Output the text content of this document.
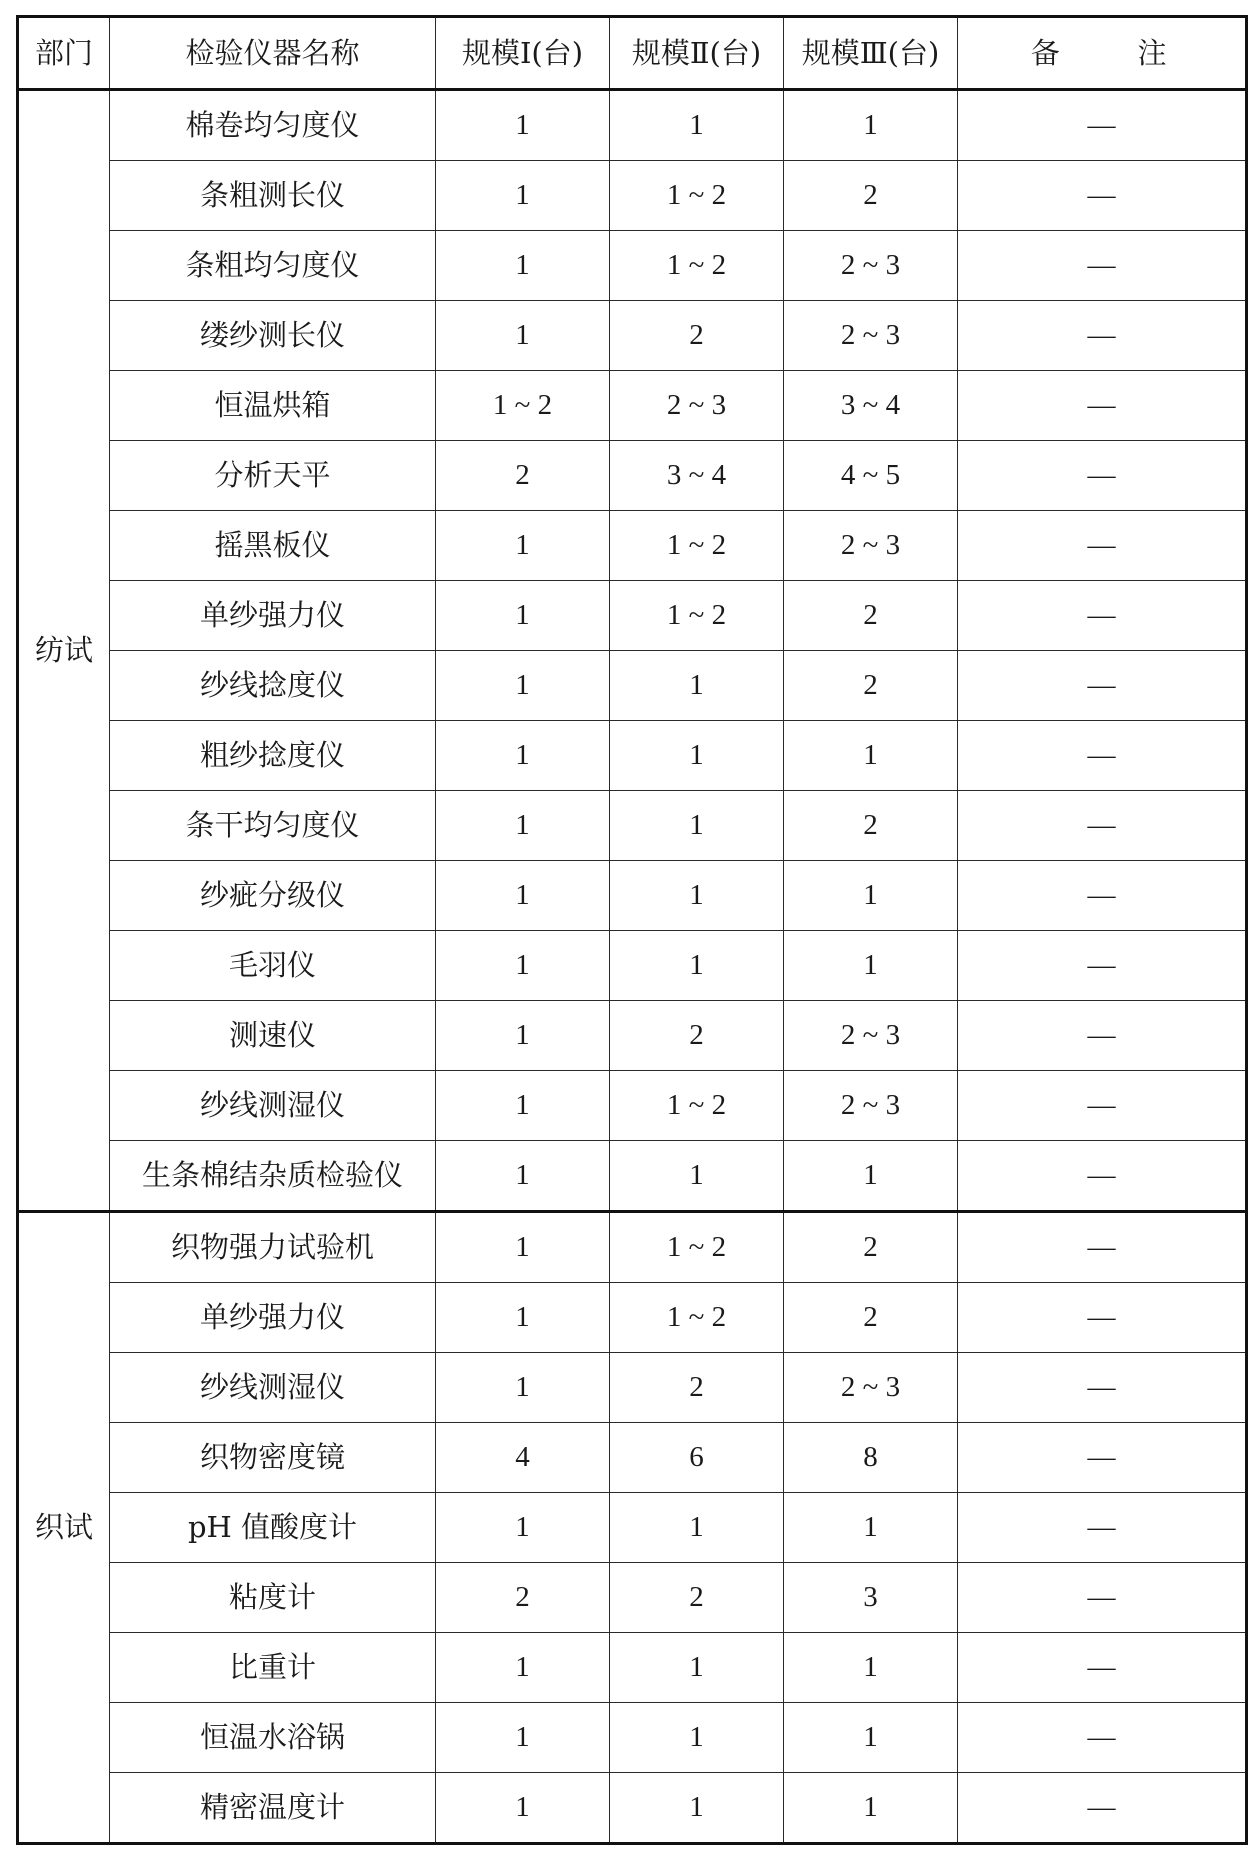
部门	检验仪器名称	规模Ⅰ(台)	规模Ⅱ(台)	规模Ⅲ(台)	备 注
纺试	棉卷均匀度仪	1	1	1	—
	条粗测长仪	1	1 ~ 2	2	—
	条粗均匀度仪	1	1 ~ 2	2 ~ 3	—
	缕纱测长仪	1	2	2 ~ 3	—
	恒温烘箱	1 ~ 2	2 ~ 3	3 ~ 4	—
	分析天平	2	3 ~ 4	4 ~ 5	—
	摇黑板仪	1	1 ~ 2	2 ~ 3	—
	单纱强力仪	1	1 ~ 2	2	—
	纱线捻度仪	1	1	2	—
	粗纱捻度仪	1	1	1	—
	条干均匀度仪	1	1	2	—
	纱疵分级仪	1	1	1	—
	毛羽仪	1	1	1	—
	测速仪	1	2	2 ~ 3	—
	纱线测湿仪	1	1 ~ 2	2 ~ 3	—
	生条棉结杂质检验仪	1	1	1	—
织试	织物强力试验机	1	1 ~ 2	2	—
	单纱强力仪	1	1 ~ 2	2	—
	纱线测湿仪	1	2	2 ~ 3	—
	织物密度镜	4	6	8	—
	pH 值酸度计	1	1	1	—
	粘度计	2	2	3	—
	比重计	1	1	1	—
	恒温水浴锅	1	1	1	—
	精密温度计	1	1	1	—
